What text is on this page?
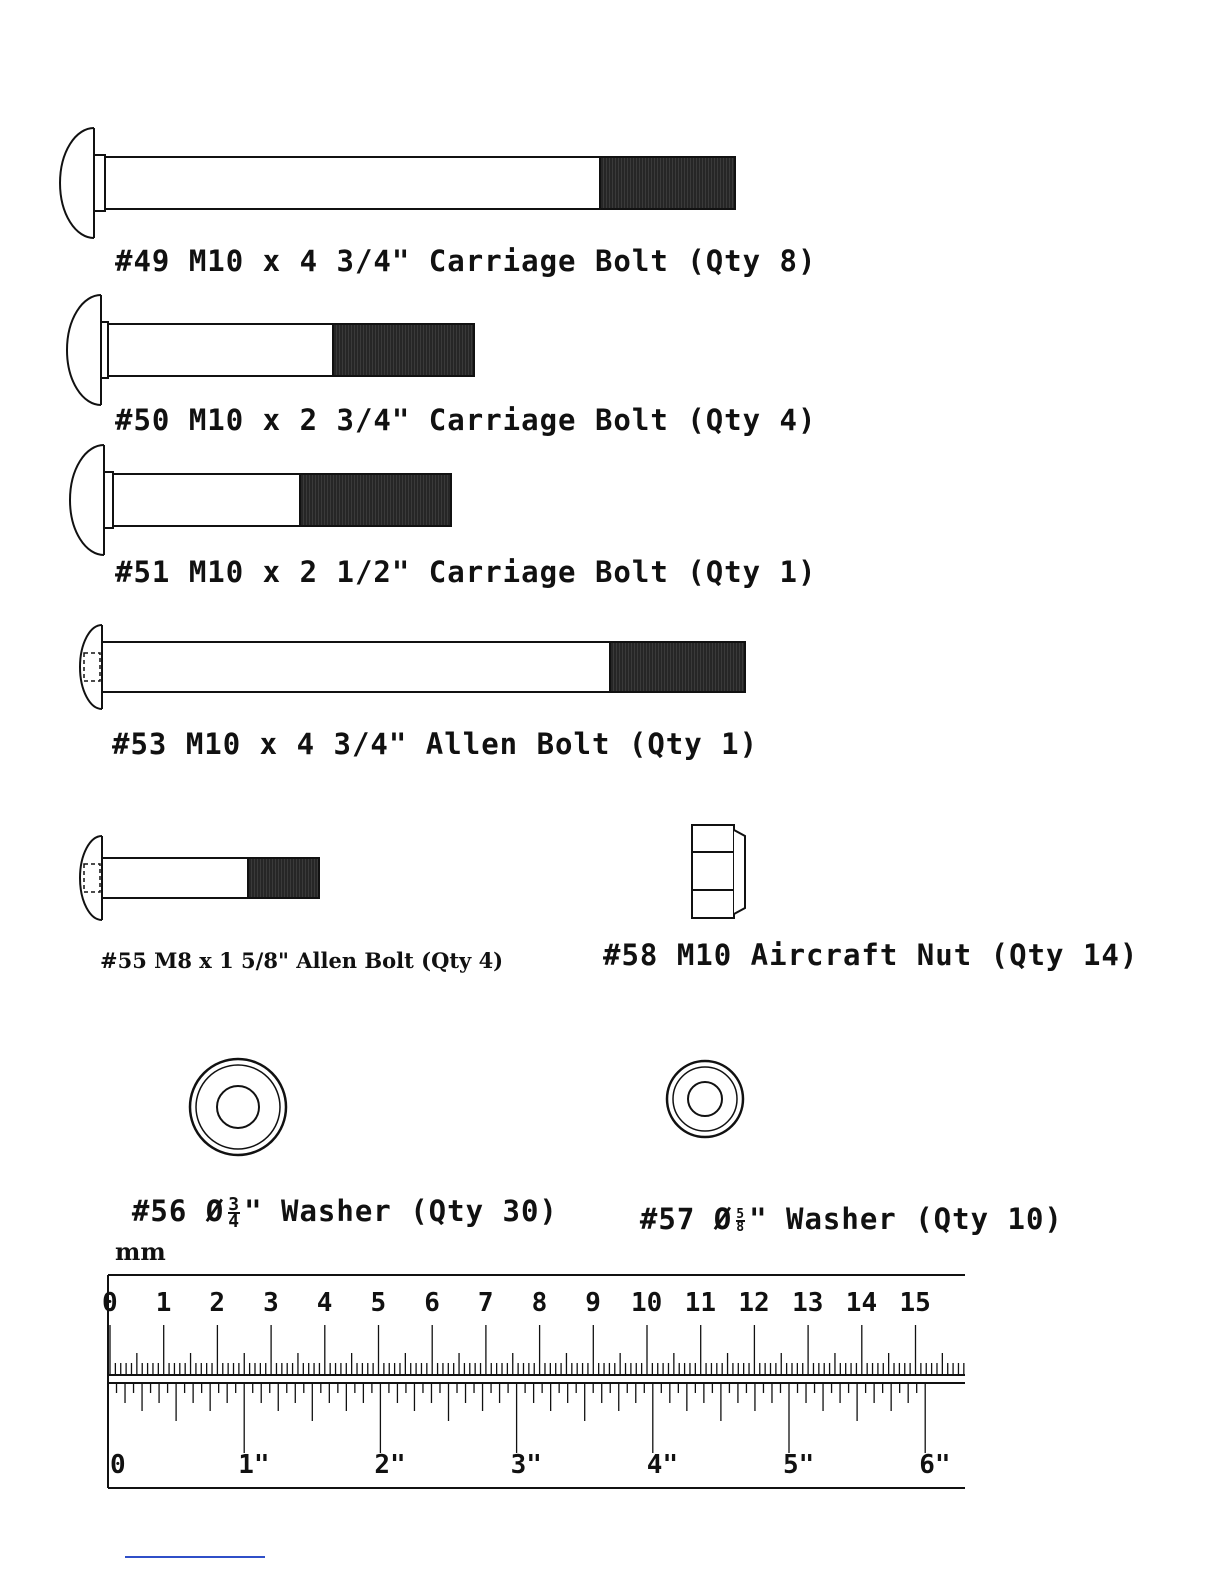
#49 M10 x 4 3/4" Carriage Bolt (Qty 8)
#50 M10 x 2 3/4" Carriage Bolt (Qty 4)
#51 M10 x 2 1/2" Carriage Bolt (Qty 1)
#53 M10 x 4 3/4" Allen Bolt (Qty 1)
#55 M8 x 1 5/8" Allen Bolt (Qty 4)	#58 M10 Aircraft Nut (Qty 14)

#56 Ø $\frac{3}{4}$ " Washer (Qty 30)	#57 Ø $\frac{5}{8}$ " Washer (Qty 10)

mm
0 1 2 3 4 5 6 7 8 9 10 11 12 13 14 15
0	1"	2"	3"	4"	5"	6"
